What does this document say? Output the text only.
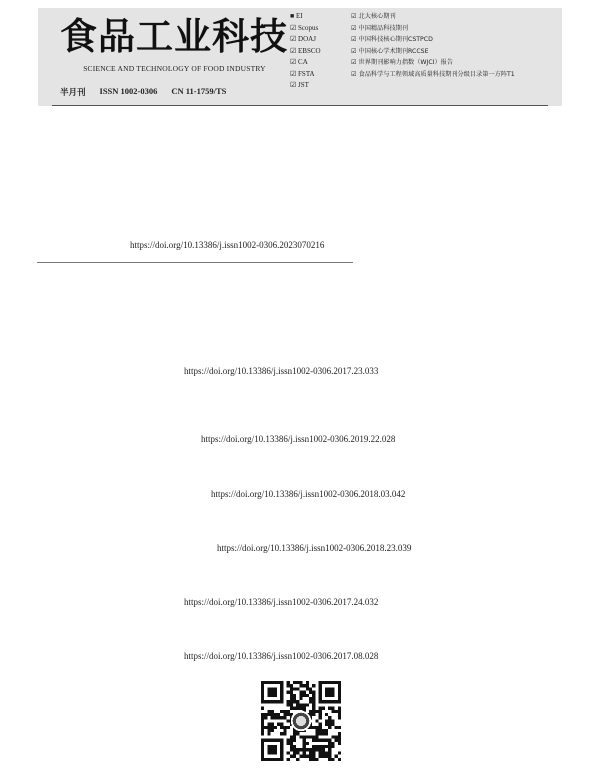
食品工业科技
SCIENCE AND TECHNOLOGY OF FOOD INDUSTRY
半月刊 ISSN 1002-0306 CN 11-1759/TS
■ EI
☑ Scopus
☑ DOAJ
☑ EBSCO
☑ CA
☑ FSTA
☑ JST
☑ 北大核心期刊
☑ 中国精品科技期刊
☑ 中国科技核心期刊CSTPCD
☑ 中国核心学术期刊RCCSE
☑ 世界期刊影响力指数（WJCI）报告
☑ 食品科学与工程领域高质量科技期刊分级目录第一方阵T1
https://doi.org/10.13386/j.issn1002-0306.2023070216
https://doi.org/10.13386/j.issn1002-0306.2017.23.033
https://doi.org/10.13386/j.issn1002-0306.2019.22.028
https://doi.org/10.13386/j.issn1002-0306.2018.03.042
https://doi.org/10.13386/j.issn1002-0306.2018.23.039
https://doi.org/10.13386/j.issn1002-0306.2017.24.032
https://doi.org/10.13386/j.issn1002-0306.2017.08.028
